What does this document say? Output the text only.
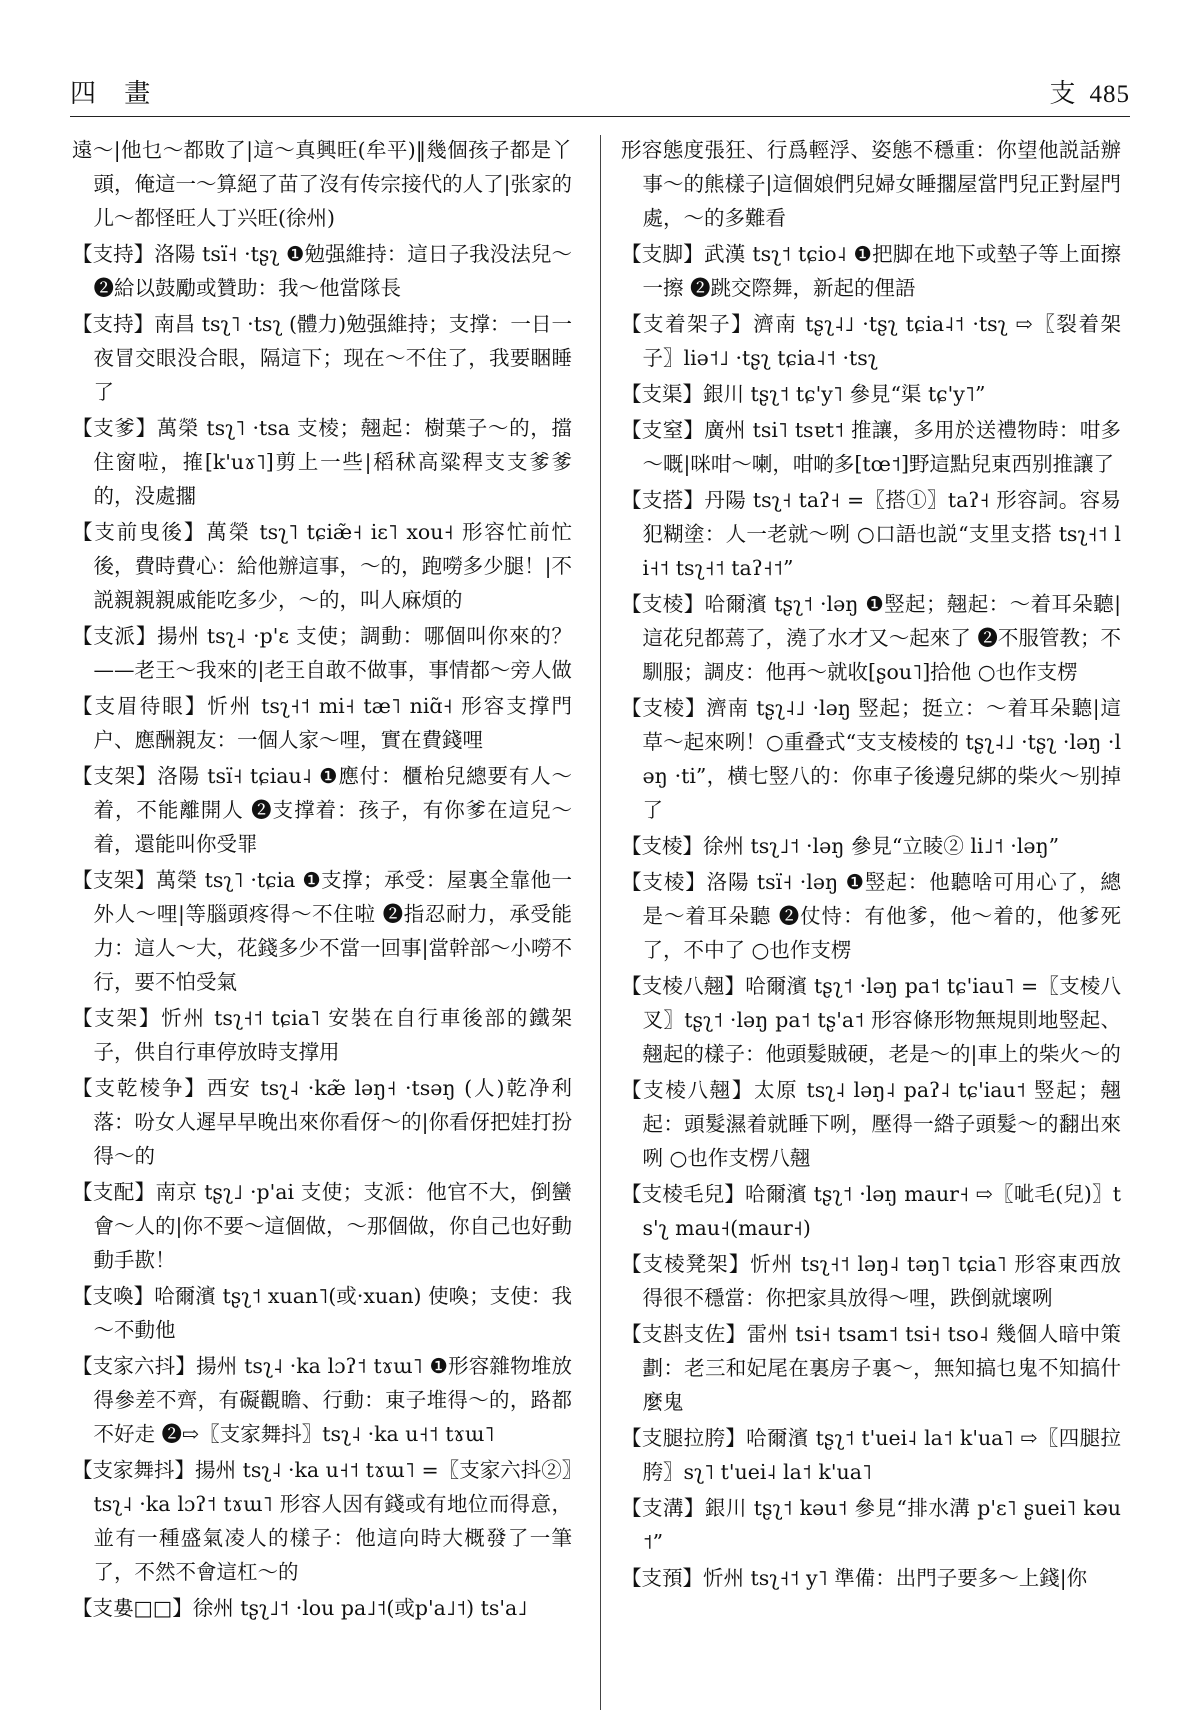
四 畫	支 485

遠～|他乜～都敗了|這～真興旺(牟平)‖幾個孩子都是丫頭，俺這一～算絕了苗了沒有传宗接代的人了|张家的儿～都怪旺人丁兴旺(徐州)

【支持】洛陽 tsï˧ ·tʂʅ ❶勉强維持：這日子我没法兒～ ❷給以鼓勵或贊助：我～他當隊長

【支持】南昌 tsʅ˥ ·tsʅ (體力)勉强維持；支撑：一日一夜冒交眼没合眼，隔這下；现在～不住了，我要睏睡了

【支爹】萬榮 tsʅ˥ ·tsa 支棱；翹起：樹葉子～的，擋住窗啦，搉[k'uɤ˥]剪上一些|稻秫高粱稈支支爹爹的，没處擱

【支前曳後】萬榮 tsʅ˥ tɕiæ̃˧ iɛ˥ xou˧ 形容忙前忙後，費時費心：給他辦這事，～的，跑嘮多少腿！|不説親親親戚能吃多少，～的，叫人麻煩的

【支派】揚州 tsʅ˨ ·p'ɛ 支使；調動：哪個叫你來的？——老王～我來的|老王自敢不做事，事情都～旁人做

【支眉待眼】忻州 tsʅ˧˦ mi˧ tæ˥ niɑ̃˧ 形容支撑門户、應酬親友：一個人家～哩，實在費錢哩

【支架】洛陽 tsï˧ tɕiau˨ ❶應付：櫃枱兒總要有人～着，不能離開人 ❷支撑着：孩子，有你爹在這兒～着，還能叫你受罪

【支架】萬榮 tsʅ˥ ·tɕia ❶支撑；承受：屋裏全靠他一外人～哩|等腦頭疼得～不住啦 ❷指忍耐力，承受能力：這人～大，花錢多少不當一回事|當幹部～小嘮不行，要不怕受氣

【支架】忻州 tsʅ˧˦ tɕia˥ 安裝在自行車後部的鐵架子，供自行車停放時支撑用

【支乾棱争】西安 tsʅ˨ ·kæ̃ ləŋ˧ ·tsəŋ (人)乾净利落：吩女人遲早早晚出來你看伢～的|你看伢把娃打扮得～的

【支配】南京 tʂʅ˩ ·p'ai 支使；支派：他官不大，倒蠻會～人的|你不要～這個做，～那個做，你自己也好動動手歁！

【支喚】哈爾濱 tʂʅ˦ xuan˥(或·xuan) 使喚；支使：我～不動他

【支家六抖】揚州 tsʅ˨ ·ka lɔʔ˦ tɤɯ˥ ❶形容雜物堆放得參差不齊，有礙觀瞻、行動：東子堆得～的，路都不好走 ❷⇨〖支家舞抖〗tsʅ˨ ·ka u˧˦ tɤɯ˥

【支家舞抖】揚州 tsʅ˨ ·ka u˧˦ tɤɯ˥ =〖支家六抖②〗tsʅ˨ ·ka lɔʔ˦ tɤɯ˥ 形容人因有錢或有地位而得意，並有一種盛氣凌人的樣子：他這向時大概發了一筆了，不然不會這杠～的

【支婁□□】徐州 tʂʅ˩˦ ·lou pa˩˦(或p'a˩˦) ts'a˩

形容態度張狂、行爲輕浮、姿態不穩重：你望他説話辦事～的熊樣子|這個娘們兒婦女睡擱屋當門兒正對屋門處，～的多難看

【支脚】武漢 tsʅ˦ tɕio˨ ❶把脚在地下或墊子等上面擦一擦 ❷跳交際舞，新起的俚語

【支着架子】濟南 tʂʅ˨˩ ·tʂʅ tɕia˨˦ ·tsʅ ⇨〖裂着架子〗liə˦˩ ·tʂʅ tɕia˨˦ ·tsʅ

【支渠】銀川 tʂʅ˦ tɕ'y˥ 參見“渠 tɕ'y˥”

【支窒】廣州 tsi˥ tsɐt˦ 推讓，多用於送禮物時：咁多～嘅|咪咁～喇，咁啲多[tœ˦]野這點兒東西别推讓了

【支搭】丹陽 tsʅ˧ taʔ˧ =〖搭①〗taʔ˧ 形容詞。容易犯糊塗：人一老就～咧 ○口語也説“支里支搭 tsʅ˧˦ li˧˦ tsʅ˧˦ taʔ˧˦”

【支棱】哈爾濱 tʂʅ˦ ·ləŋ ❶竪起；翹起：～着耳朵聽|這花兒都蔫了，澆了水才又～起來了 ❷不服管教；不馴服；調皮：他再～就收[ʂou˥]拾他 ○也作支楞

【支棱】濟南 tʂʅ˨˩ ·ləŋ 竪起；挺立：～着耳朵聽|這草～起來咧！○重叠式“支支棱棱的 tʂʅ˨˩ ·tʂʅ ·ləŋ ·ləŋ ·ti”，横七竪八的：你車子後邊兒綁的柴火～别掉了

【支棱】徐州 tsʅ˩˦ ·ləŋ 參見“立睖② li˩˦ ·ləŋ”

【支棱】洛陽 tsï˧ ·ləŋ ❶竪起：他聽啥可用心了，總是～着耳朵聽 ❷仗恃：有他爹，他～着的，他爹死了，不中了 ○也作支楞

【支棱八翹】哈爾濱 tʂʅ˦ ·ləŋ pa˦ tɕ'iau˥ =〖支棱八叉〗tʂʅ˦ ·ləŋ pa˦ tʂ'a˦ 形容條形物無規則地竪起、翹起的樣子：他頭髮賊硬，老是～的|車上的柴火～的

【支棱八翹】太原 tsʅ˨ ləŋ˨ paʔ˨ tɕ'iau˦ 竪起；翹起：頭髮濕着就睡下咧，壓得一綹子頭髮～的翻出來咧 ○也作支楞八翹

【支棱毛兒】哈爾濱 tʂʅ˦ ·ləŋ maur˧ ⇨〖呲毛(兒)〗ts'ʅ mau˧(maur˧)

【支棱凳架】忻州 tsʅ˧˦ ləŋ˨ təŋ˥ tɕia˥ 形容東西放得很不穩當：你把家具放得～哩，跌倒就壞咧

【支斟支佐】雷州 tsi˧ tsam˦ tsi˧ tso˨ 幾個人暗中策劃：老三和妃尾在裏房子裏～，無知搞乜鬼不知搞什麼鬼

【支腿拉胯】哈爾濱 tʂʅ˦ t'uei˨ la˦ k'ua˥ ⇨〖四腿拉胯〗sʅ˥ t'uei˨ la˦ k'ua˥

【支溝】銀川 tʂʅ˦ kəu˦ 參見“排水溝 p'ɛ˥ ʂuei˥ kəu˦”

【支預】忻州 tsʅ˧˦ y˥ 準備：出門子要多～上錢|你
